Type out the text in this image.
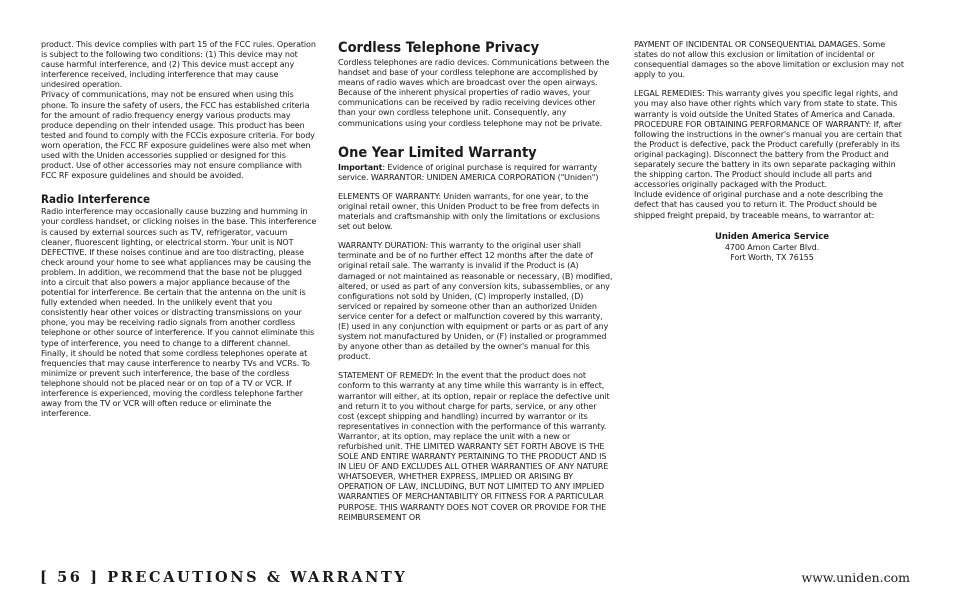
product. This device complies with part 15 of the FCC rules. Operation is subject to the following two conditions: (1) This device may not cause harmful interference, and (2) This device must accept any interference received, including interference that may cause undesired operation.

Privacy of communications, may not be ensured when using this phone. To insure the safety of users, the FCC has established criteria for the amount of radio frequency energy various products may produce depending on their intended usage. This product has been tested and found to comply with the FCCis exposure criteria. For body worn operation, the FCC RF exposure guidelines were also met when used with the Uniden accessories supplied or designed for this product. Use of other accessories may not ensure compliance with FCC RF exposure guidelines and should be avoided.

Radio Interference

Radio interference may occasionally cause buzzing and humming in your cordless handset, or clicking noises in the base. This interference is caused by external sources such as TV, refrigerator, vacuum cleaner, fluorescent lighting, or electrical storm. Your unit is NOT DEFECTIVE. If these noises continue and are too distracting, please check around your home to see what appliances may be causing the problem. In addition, we recommend that the base not be plugged into a circuit that also powers a major appliance because of the potential for interference. Be certain that the antenna on the unit is fully extended when needed. In the unlikely event that you consistently hear other voices or distracting transmissions on your phone, you may be receiving radio signals from another cordless telephone or other source of interference. If you cannot eliminate this type of interference, you need to change to a different channel.

Finally, it should be noted that some cordless telephones operate at frequencies that may cause interference to nearby TVs and VCRs. To minimize or prevent such interference, the base of the cordless telephone should not be placed near or on top of a TV or VCR. If interference is experienced, moving the cordless telephone farther away from the TV or VCR will often reduce or eliminate the interference.

Cordless Telephone Privacy

Cordless telephones are radio devices. Communications between the handset and base of your cordless telephone are accomplished by means of radio waves which are broadcast over the open airways.

Because of the inherent physical properties of radio waves, your communications can be received by radio receiving devices other than your own cordless telephone unit. Consequently, any communications using your cordless telephone may not be private.

One Year Limited Warranty

Important: Evidence of original purchase is required for warranty service. WARRANTOR: UNIDEN AMERICA CORPORATION ("Uniden")

ELEMENTS OF WARRANTY: Uniden warrants, for one year, to the original retail owner, this Uniden Product to be free from defects in materials and craftsmanship with only the limitations or exclusions set out below.

WARRANTY DURATION: This warranty to the original user shall terminate and be of no further effect 12 months after the date of original retail sale. The warranty is invalid if the Product is (A) damaged or not maintained as reasonable or necessary, (B) modified, altered, or used as part of any conversion kits, subassemblies, or any configurations not sold by Uniden, (C) improperly installed, (D) serviced or repaired by someone other than an authorized Uniden service center for a defect or malfunction covered by this warranty, (E) used in any conjunction with equipment or parts or as part of any system not manufactured by Uniden, or (F) installed or programmed by anyone other than as detailed by the owner's manual for this product.

STATEMENT OF REMEDY: In the event that the product does not conform to this warranty at any time while this warranty is in effect, warrantor will either, at its option, repair or replace the defective unit and return it to you without charge for parts, service, or any other cost (except shipping and handling) incurred by warrantor or its representatives in connection with the performance of this warranty. Warrantor, at its option, may replace the unit with a new or refurbished unit. THE LIMITED WARRANTY SET FORTH ABOVE IS THE SOLE AND ENTIRE WARRANTY PERTAINING TO THE PRODUCT AND IS IN LIEU OF AND EXCLUDES ALL OTHER WARRANTIES OF ANY NATURE WHATSOEVER, WHETHER EXPRESS, IMPLIED OR ARISING BY OPERATION OF LAW, INCLUDING, BUT NOT LIMITED TO ANY IMPLIED WARRANTIES OF MERCHANTABILITY OR FITNESS FOR A PARTICULAR PURPOSE. THIS WARRANTY DOES NOT COVER OR PROVIDE FOR THE REIMBURSEMENT OR

PAYMENT OF INCIDENTAL OR CONSEQUENTIAL DAMAGES. Some states do not allow this exclusion or limitation of incidental or consequential damages so the above limitation or exclusion may not apply to you.

LEGAL REMEDIES: This warranty gives you specific legal rights, and you may also have other rights which vary from state to state. This warranty is void outside the United States of America and Canada.

PROCEDURE FOR OBTAINING PERFORMANCE OF WARRANTY: If, after following the instructions in the owner's manual you are certain that the Product is defective, pack the Product carefully (preferably in its original packaging). Disconnect the battery from the Product and separately secure the battery in its own separate packaging within the shipping carton. The Product should include all parts and accessories originally packaged with the Product.

Include evidence of original purchase and a note describing the defect that has caused you to return it. The Product should be shipped freight prepaid, by traceable means, to warrantor at:

Uniden America Service

4700 Amon Carter Blvd.

Fort Worth, TX 76155

[ 56 ] PRECAUTIONS & WARRANTY	www.uniden.com
